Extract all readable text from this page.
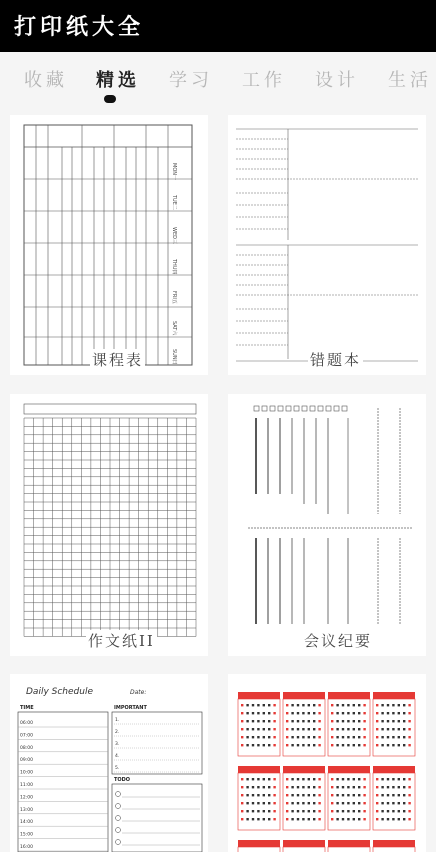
打印纸大全
收藏 精选 学习 工作 设计 生活
MON一
TUE二
WED三
THU四
FRI五
SAT六
SUN日
课程表	错题本
作文纸II	会议纪要
Daily Schedule	Date:
TIME	IMPORTANT
TODO
06:00
07:00
08:00
09:00
10:00
11:00
12:00
13:00
14:00
15:00
16:00
1.
2.
3.
4.
5.
